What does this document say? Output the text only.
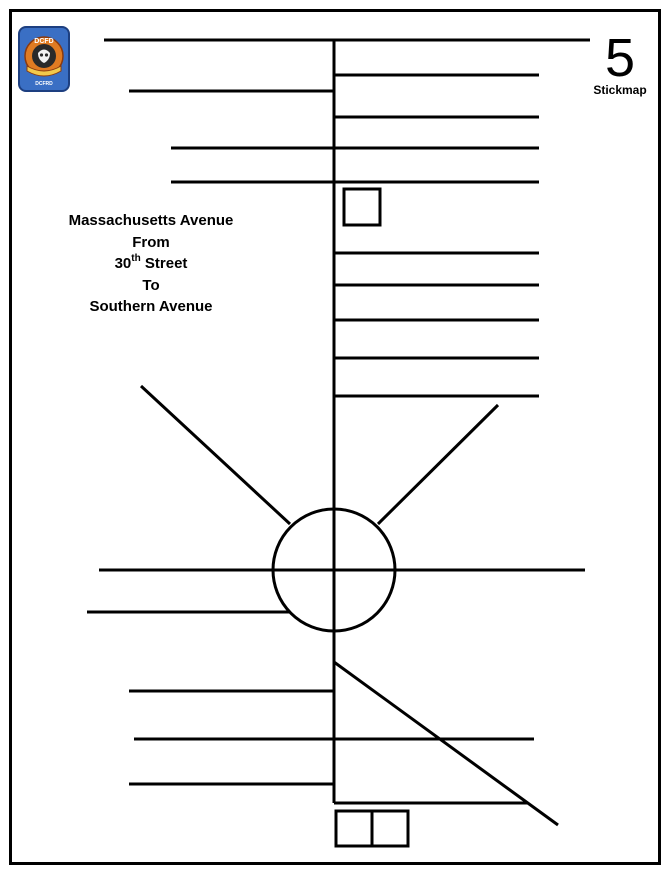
5
Stickmap
Massachusetts Avenue
From
30th Street
To
Southern Avenue
DCFD
DCFRD
